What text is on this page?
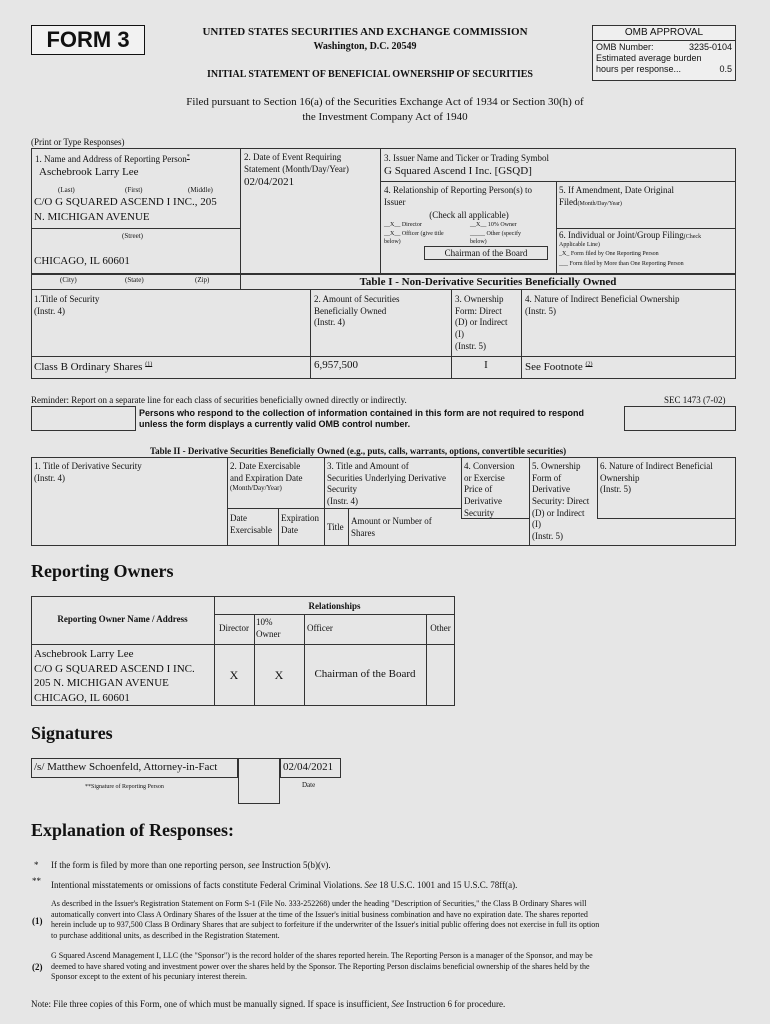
FORM 3	UNITED STATES SECURITIES AND EXCHANGE COMMISSION
Washington, D.C. 20549
INITIAL STATEMENT OF BENEFICIAL OWNERSHIP OF SECURITIES
OMB APPROVAL
OMB Number:	3235-0104
Estimated average burden
hours per response...	0.5
Filed pursuant to Section 16(a) of the Securities Exchange Act of 1934 or Section 30(h) of
the Investment Company Act of 1940
(Print or Type Responses)
1. Name and Address of Reporting Person*
Aschebrook Larry Lee
(Last)	(First)	(Middle)
C/O G SQUARED ASCEND I INC., 205
N. MICHIGAN AVENUE
(Street)
CHICAGO, IL 60601
(City)	(State)	(Zip)
2. Date of Event Requiring
Statement (Month/Day/Year)
02/04/2021
3. Issuer Name and Ticker or Trading Symbol
G Squared Ascend I Inc. [GSQD]
4. Relationship of Reporting Person(s) to
Issuer
(Check all applicable)
__X__ Director	__X__ 10% Owner
__X__ Officer (give title
below)
_____ Other (specify
below)
Chairman of the Board
5. If Amendment, Date Original
Filed(Month/Day/Year)
6. Individual or Joint/Group Filing(Check
Applicable Line)
_X_ Form filed by One Reporting Person
___ Form filed by More than One Reporting Person
Table I - Non-Derivative Securities Beneficially Owned
1.Title of Security
(Instr. 4)
2. Amount of Securities
Beneficially Owned
(Instr. 4)
3. Ownership
Form: Direct
(D) or Indirect
(I)
(Instr. 5)
4. Nature of Indirect Beneficial Ownership
(Instr. 5)
Class B Ordinary Shares $^{(1)}$	6,957,500	I	See Footnote $^{(2)}$
Reminder: Report on a separate line for each class of securities beneficially owned directly or indirectly.	SEC 1473 (7-02)
Persons who respond to the collection of information contained in this form are not required to respond
unless the form displays a currently valid OMB control number.
Table II - Derivative Securities Beneficially Owned (e.g., puts, calls, warrants, options, convertible securities)
1. Title of Derivative Security
(Instr. 4)
2. Date Exercisable
and Expiration Date
(Month/Day/Year)
Date
Exercisable
Expiration
Date
3. Title and Amount of
Securities Underlying Derivative
Security
(Instr. 4)
Title
Amount or Number of
Shares
4. Conversion
or Exercise
Price of
Derivative
Security
5. Ownership
Form of
Derivative
Security: Direct
(D) or Indirect
(I)
(Instr. 5)
6. Nature of Indirect Beneficial
Ownership
(Instr. 5)
Reporting Owners
Relationships
Reporting Owner Name / Address
Director
10%
Owner
Officer	Other
Aschebrook Larry Lee
C/O G SQUARED ASCEND I INC.
205 N. MICHIGAN AVENUE
CHICAGO, IL 60601
X	X	Chairman of the Board
Signatures
/s/ Matthew Schoenfeld, Attorney-in-Fact	02/04/2021
**Signature of Reporting Person	Date
Explanation of Responses:
* If the form is filed by more than one reporting person, see Instruction 5(b)(v).
** Intentional misstatements or omissions of facts constitute Federal Criminal Violations. See 18 U.S.C. 1001 and 15 U.S.C. 78ff(a).
(1)
As described in the Issuer's Registration Statement on Form S-1 (File No. 333-252268) under the heading "Description of Securities," the Class B Ordinary Shares will
automatically convert into Class A Ordinary Shares of the Issuer at the time of the Issuer's initial business combination and have no expiration date. The shares reported
herein include up to 937,500 Class B Ordinary Shares that are subject to forfeiture if the underwriter of the Issuer's initial public offering does not exercise in full its option
to purchase additional units, as described in the Registration Statement.
(2)
G Squared Ascend Management I, LLC (the "Sponsor") is the record holder of the shares reported herein. The Reporting Person is a manager of the Sponsor, and may be
deemed to have shared voting and investment power over the shares held by the Sponsor. The Reporting Person disclaims beneficial ownership of the shares held by the
Sponsor except to the extent of his pecuniary interest therein.
Note: File three copies of this Form, one of which must be manually signed. If space is insufficient, See Instruction 6 for procedure.
